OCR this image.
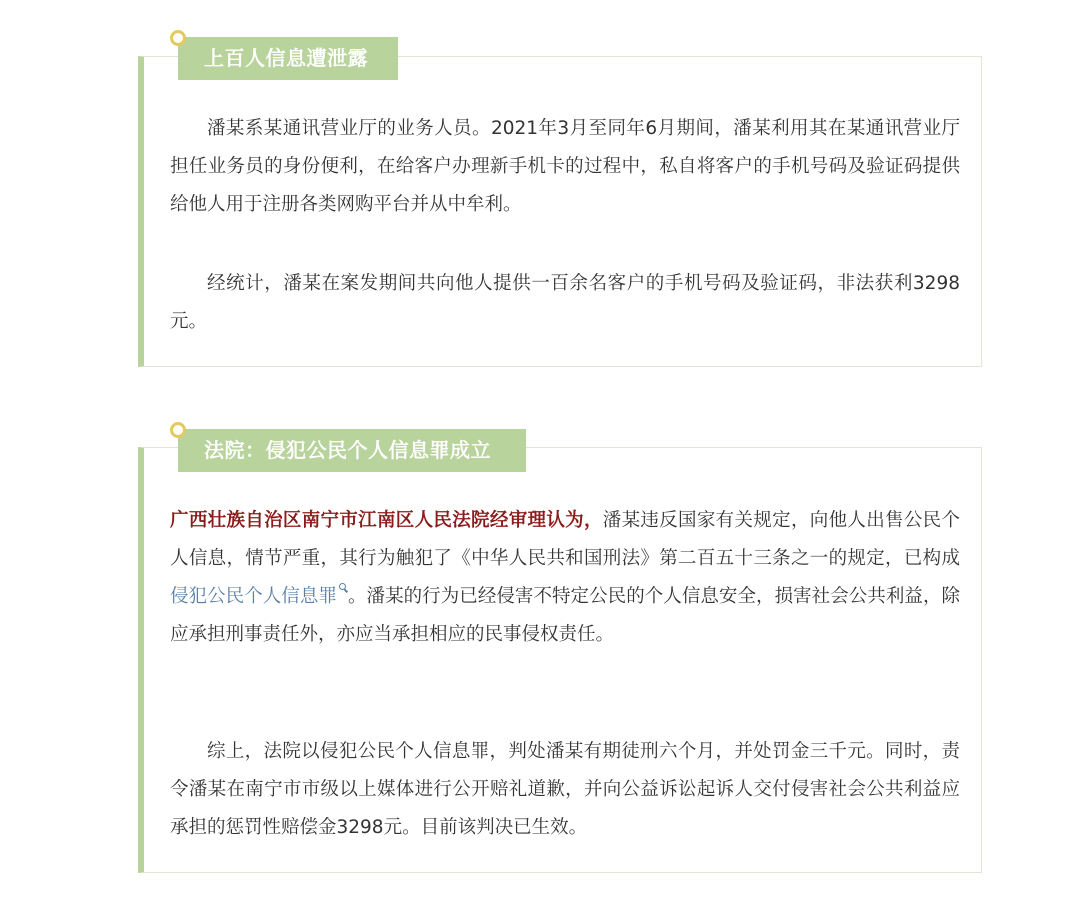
上百人信息遭泄露

潘某系某通讯营业厅的业务人员。2021年3月至同年6月期间，潘某利用其在某通讯营业厅担任业务员的身份便利，在给客户办理新手机卡的过程中，私自将客户的手机号码及验证码提供给他人用于注册各类网购平台并从中牟利。

经统计，潘某在案发期间共向他人提供一百余名客户的手机号码及验证码，非法获利3298元。

法院：侵犯公民个人信息罪成立

广西壮族自治区南宁市江南区人民法院经审理认为，潘某违反国家有关规定，向他人出售公民个人信息，情节严重，其行为触犯了《中华人民共和国刑法》第二百五十三条之一的规定，已构成侵犯公民个人信息罪 。潘某的行为已经侵害不特定公民的个人信息安全，损害社会公共利益，除应承担刑事责任外，亦应当承担相应的民事侵权责任。

综上，法院以侵犯公民个人信息罪，判处潘某有期徒刑六个月，并处罚金三千元。同时，责令潘某在南宁市市级以上媒体进行公开赔礼道歉，并向公益诉讼起诉人交付侵害社会公共利益应承担的惩罚性赔偿金3298元。目前该判决已生效。
